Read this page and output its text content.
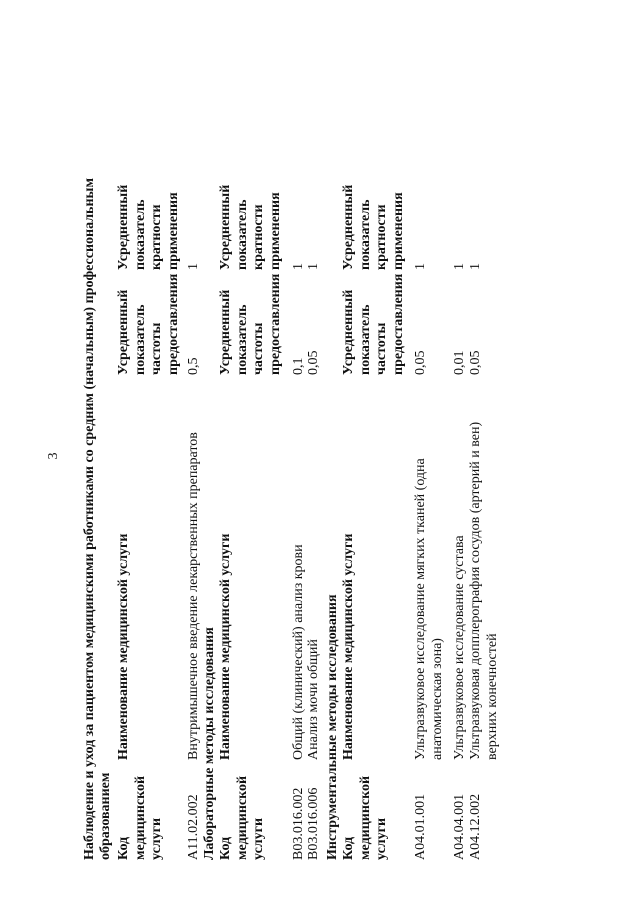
3 Наблюдение и уход за пациентом медицинскими работниками со средним (начальным) профессиональным образованием Код медицинской услуги
Наименование медицинской услуги
Усредненный показатель частоты предоставления
Усредненный показатель кратности применения
A11.02.002
Внутримышечное введение лекарственных препаратов
0,5
1
Лабораторные методы исследования Код медицинской услуги
Наименование медицинской услуги
Усредненный показатель частоты предоставления
Усредненный показатель кратности применения
B03.016.002
Общий (клинический) анализ крови
0,1
1
B03.016.006
Анализ мочи общий
0,05
1
Инструментальные методы исследования Код медицинской услуги
Наименование медицинской услуги
Усредненный показатель частоты предоставления
Усредненный показатель кратности применения
A04.01.001
Ультразвуковое исследование мягких тканей (одна анатомическая зона)
0,05
1
A04.04.001
Ультразвуковое исследование сустава
0,01
1
A04.12.002
Ультразвуковая допплерография сосудов (артерий и вен) верхних конечностей
0,05
1
